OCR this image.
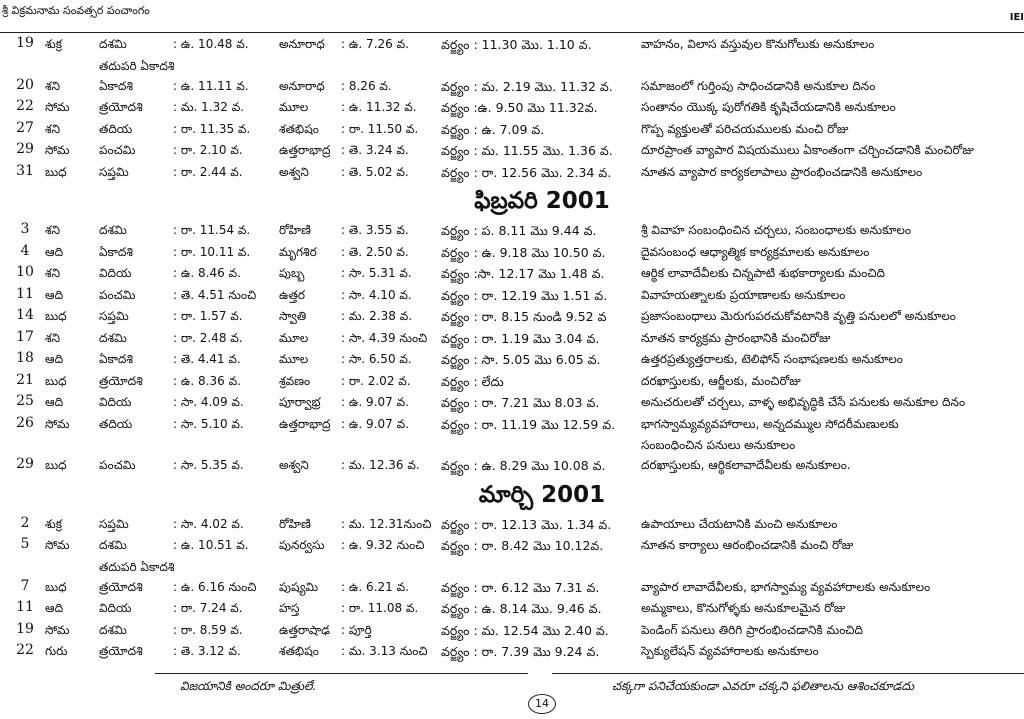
శ్రీ విక్రమనామ సంవత్సర పంచాంగం
IEI
19 శుక్ర	దశమి	: ఉ. 10.48 వ.	అనూరాధ	: ఉ. 7.26 వ.	వర్జ్యం : 11.30 మొ. 1.10 వ.	వాహనం, విలాస వస్తువుల కొనుగోలుకు అనుకూలం
తదుపరి ఏకాదశి
20 శని	ఏకాదశి	: ఉ. 11.11 వ.	అనూరాధ	: 8.26 వ.	వర్జ్యం : మ. 2.19 మొ. 11.32 వ.	సమాజంలో గుర్తింపు సాధించడానికి అనుకూల దినం
22 సోమ	త్రయోదశి	: మ. 1.32 వ.	మూల	: ఉ. 11.32 వ.	వర్జ్యం :ఉ. 9.50 మొ 11.32వ.	సంతానం యొక్క పురోగతికి కృషిచేయడానికి అనుకూలం
27 శని	తదియ	: రా. 11.35 వ.	శతభిషం	: రా. 11.50 వ.	వర్జ్యం : ఉ. 7.09 వ.	గొప్ప వ్యక్తులతో పరిచయములకు మంచి రోజు
29 సోమ	పంచమి	: రా. 2.10 వ.	ఉత్తరాభాద్ర : తె. 3.24 వ.	వర్జ్యం : మ. 11.55 మొ. 1.36 వ.	దూరప్రాంత వ్యాపార విషయములు ఏకాంతంగా చర్చించడానికి మంచిరోజు
31 బుధ	సప్తమి	: రా. 2.44 వ.	అశ్వని	: తె. 5.02 వ.	వర్జ్యం : రా. 12.56 మొ. 2.34 వ.	నూతన వ్యాపార కార్యకలాపాలు ప్రారంభించడానికి అనుకూలం
ఫిబ్రవరి 2001
3	శని	దశమి	: రా. 11.54 వ.	రోహిణి	: తె. 3.55 వ.	వర్జ్యం : ప. 8.11 మొ 9.44 వ.	శ్రీ వివాహ సంబంధించిన చర్చలు, సంబంధాలకు అనుకూలం
4	ఆది	ఏకాదశి	: రా. 10.11 వ.	మృగశిర	: తె. 2.50 వ.	వర్జ్యం : ఉ. 9.18 మొ 10.50 వ.	దైవసంబంధ ఆధ్యాత్మిక కార్యక్రమాలకు అనుకూలం
10 శని	విదియ	: ఉ. 8.46 వ.	పుబ్బ	: సా. 5.31 వ.	వర్జ్యం :సా. 12.17 మొ 1.48 వ.	ఆర్థిక లావాదేవీలకు చిన్నపాటి శుభకార్యాలకు మంచిది
11 ఆది	పంచమి	: తె. 4.51 నుంచి	ఉత్తర	: సా. 4.10 వ.	వర్జ్యం : రా. 12.19 మొ 1.51 వ.	వివాహయత్నాలకు ప్రయాణాలకు అనుకూలం
14 బుధ	సప్తమి	: రా. 1.57 వ.	స్వాతి	: మ. 2.38 వ.	వర్జ్యం : రా. 8.15 నుండి 9.52 వ	ప్రజాసంబంధాలు మెరుగుపరచుకోవటానికి వృత్తి పనులలో అనుకూలం
17 శని	దశమి	: రా. 2.48 వ.	మూల	: సా. 4.39 నుంచి	వర్జ్యం : రా. 1.19 మొ 3.04 వ.	నూతన కార్యక్రమ ప్రారంభానికి మంచిరోజు
18 ఆది	ఏకాదశి	: తె. 4.41 వ.	మూల	: సా. 6.50 వ.	వర్జ్యం : సా. 5.05 మొ 6.05 వ.	ఉత్తరప్రత్యుత్తరాలకు, టెలిఫోన్ సంభాషణలకు అనుకూలం
21 బుధ	త్రయోదశి	: ఉ. 8.36 వ.	శ్రవణం	: రా. 2.02 వ.	వర్జ్యం : లేదు	దరఖాస్తులకు, ఆర్జీలకు, మంచిరోజు
25 ఆది	విదియ	: సా. 4.09 వ.	పూర్వాభ్ర	: ఉ. 9.07 వ.	వర్జ్యం : రా. 7.21 మొ 8.03 వ.	అనుచరులతో చర్చలు, వాళ్ళ అభివృద్ధికి చేసే పనులకు అనుకూల దినం
26 సోమ	తదియ	: సా. 5.10 వ.	ఉత్తరాభాద్ర : ఉ. 9.07 వ.	వర్జ్యం : రా. 11.19 మొ 12.59 వ.	భాగస్వామ్యవ్యవహారాలు, అన్నదమ్ముల సోదరీమణులకు
సంబంధించిన పనులు అనుకూలం
29 బుధ	పంచమి	: సా. 5.35 వ.	అశ్వని	: మ. 12.36 వ.	వర్జ్యం : ఉ. 8.29 మొ 10.08 వ.	దరఖాస్తులకు, ఆర్థికలావాదేవీలకు అనుకూలం.
మార్చి 2001
2	శుక్ర	సప్తమి	: సా. 4.02 వ.	రోహిణి	: మ. 12.31నుంచి వర్జ్యం : రా. 12.13 మొ. 1.34 వ.	ఉపాయాలు చేయటానికి మంచి అనుకూలం
5	సోమ	దశమి	: ఉ. 10.51 వ.	పునర్వసు	: ఉ. 9.32 నుంచి	వర్జ్యం : రా. 8.42 మొ 10.12వ.	నూతన కార్యాలు ఆరంభించడానికి మంచి రోజు
తదుపరి ఏకాదశి
7	బుధ	త్రయోదశి	: ఉ. 6.16 నుంచి	పుష్యమి	: ఉ. 6.21 వ.	వర్జ్యం : రా. 6.12 మొ 7.31 వ.	వ్యాపార లావాదేవీలకు, భాగస్వామ్య వ్యవహారాలకు అనుకూలం
11 ఆది	విదియ	: రా. 7.24 వ.	హస్త	: రా. 11.08 వ.	వర్జ్యం : ఉ. 8.14 మొ. 9.46 వ.	అమ్మకాలు, కొనుగోళ్ళకు అనుకూలమైన రోజు
19 సోమ	దశమి	: రా. 8.59 వ.	ఉత్తరాషాఢ : పూర్తి	వర్జ్యం : మ. 12.54 మొ 2.40 వ.	పెండింగ్ పనులు తిరిగి ప్రారంభించడానికి మంచిది
22 గురు	త్రయోదశి	: తె. 3.12 వ.	శతభిషం	: మ. 3.13 నుంచి	వర్జ్యం : రా. 7.39 మొ 9.24 వ.	స్పెక్యులేషన్ వ్యవహారాలకు అనుకూలం
విజయానికి అందరూ మిత్రులే.	చక్కగా పనిచేయకుండా ఎవరూ చక్కని ఫలితాలను ఆశించకూడదు
14
